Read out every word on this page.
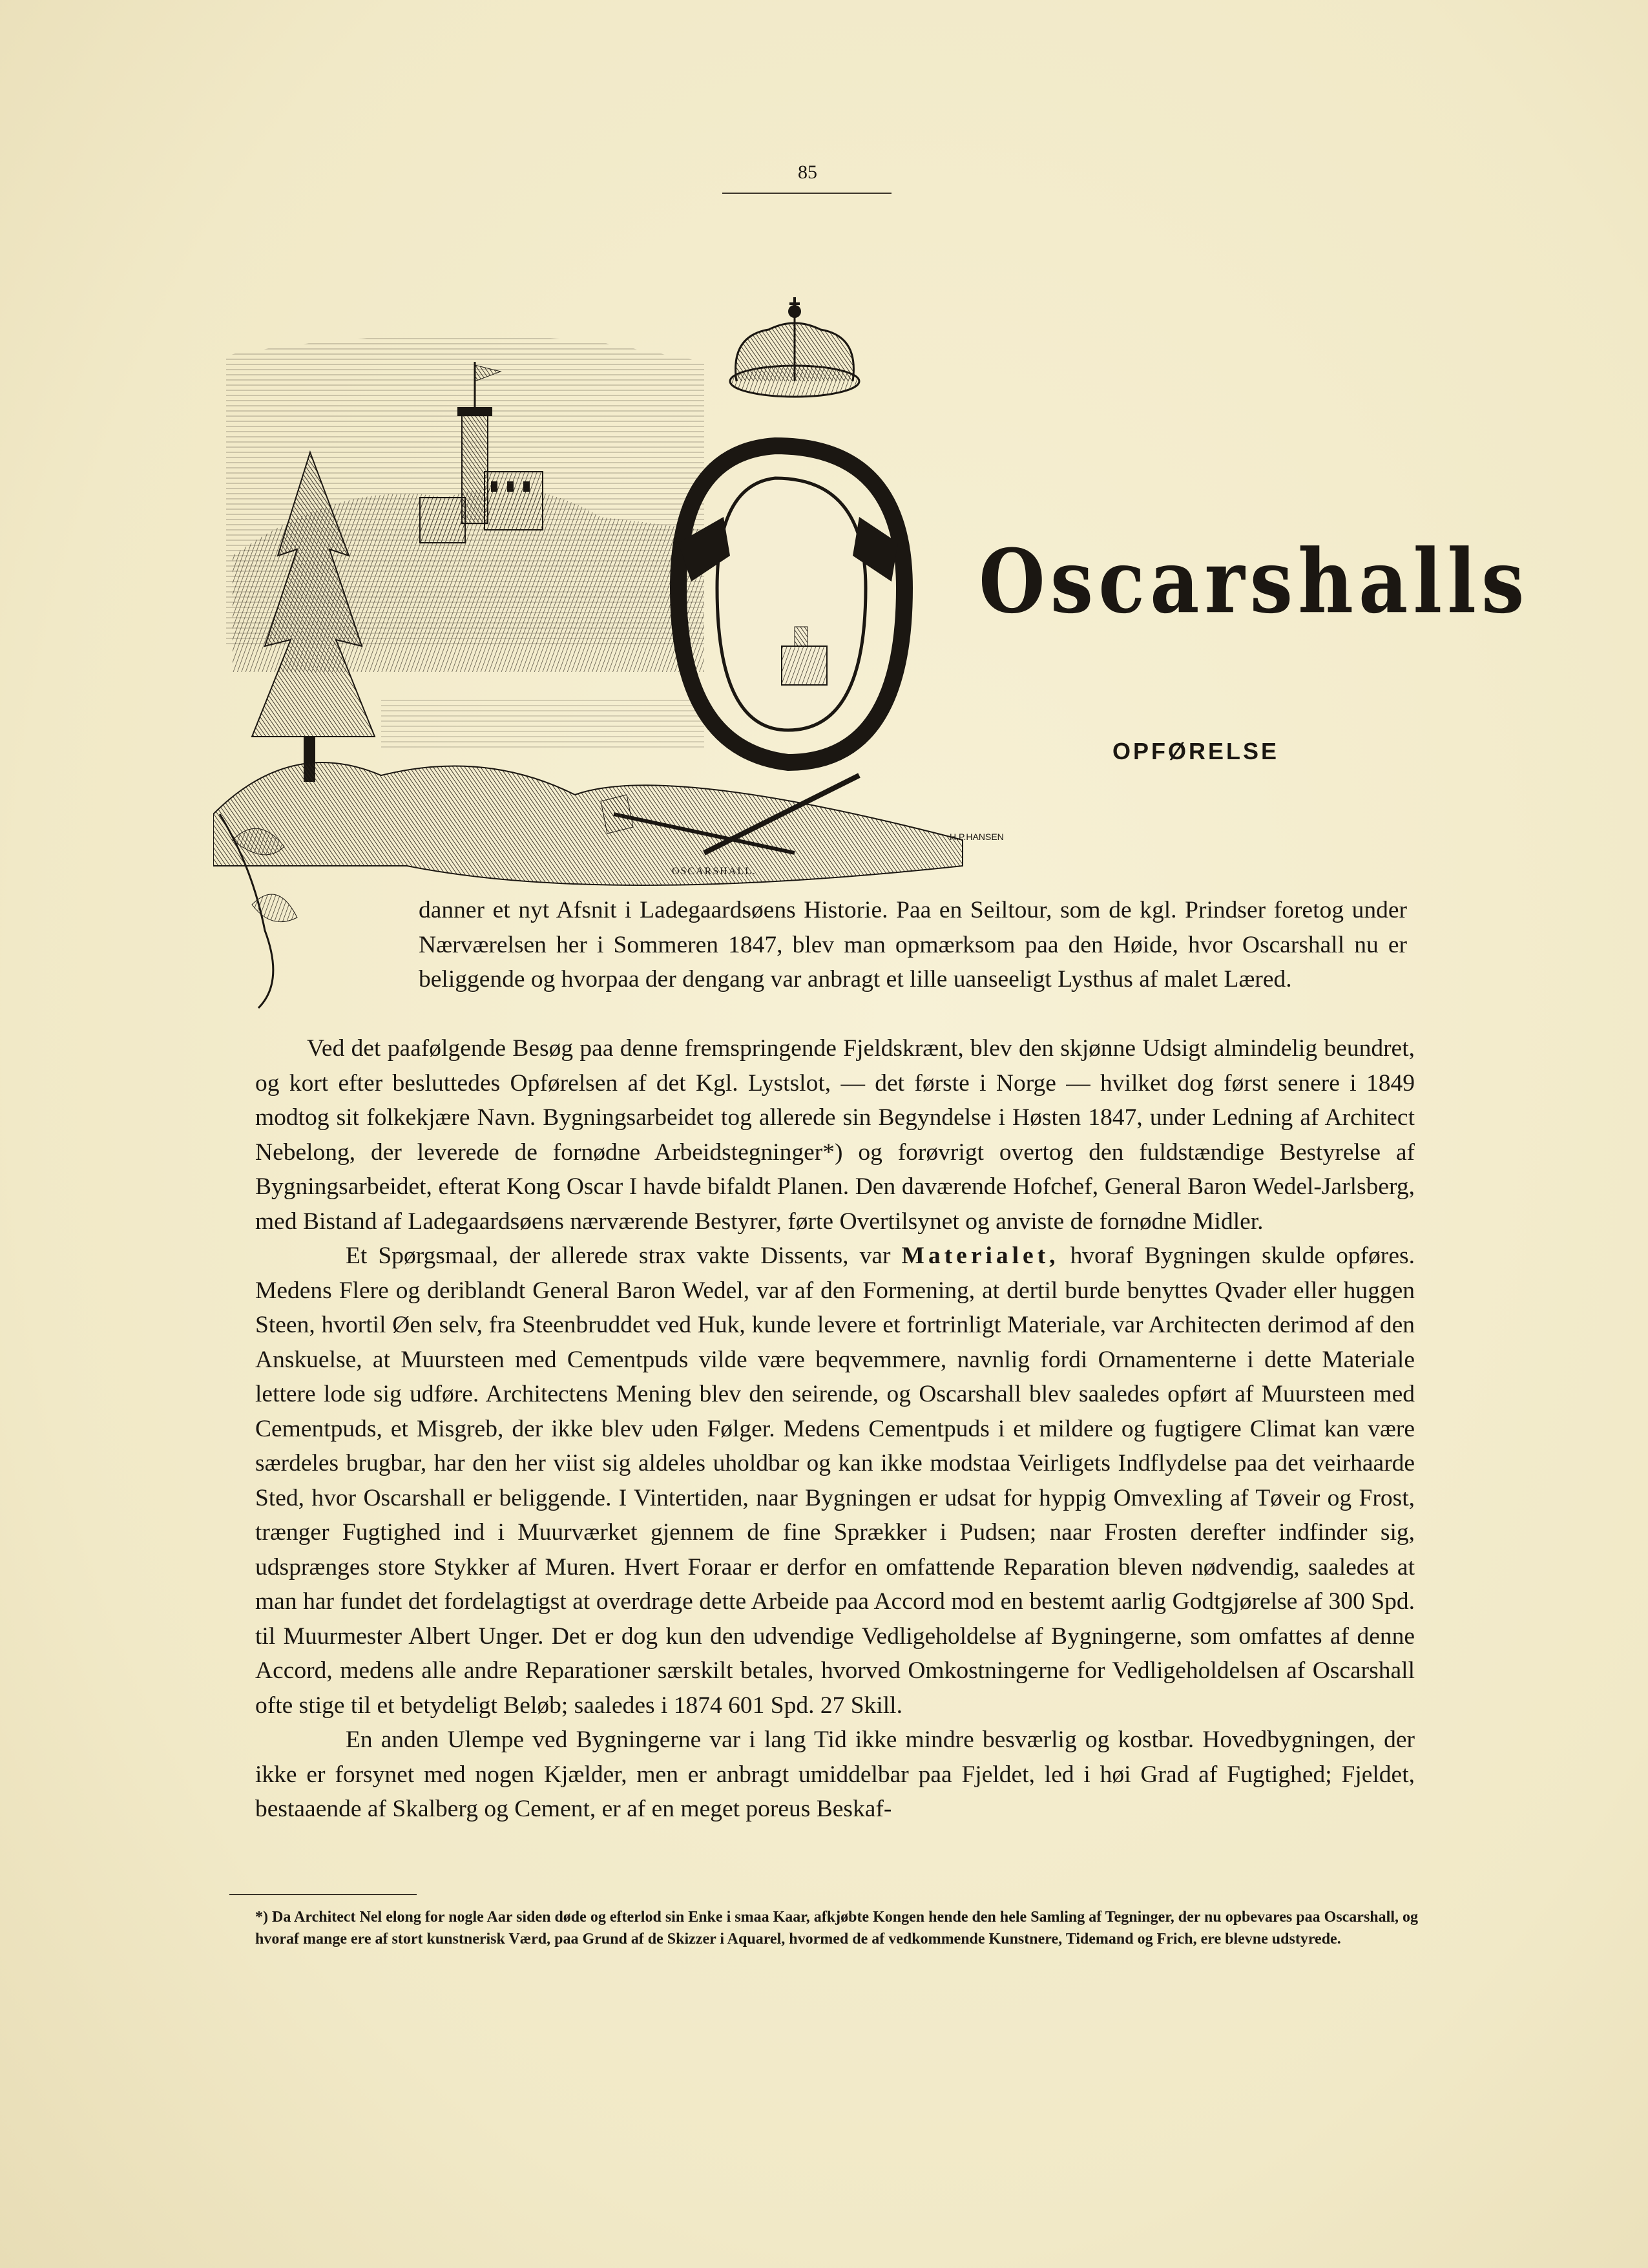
85
H.P.HANSEN
OSCARSHALL.
Oscarshalls
OPFØRELSE
danner et nyt Afsnit i Ladegaardsøens Historie. Paa en Seiltour, som de kgl. Prindser foretog under Nærværelsen her i Sommeren 1847, blev man opmærksom paa den Høide, hvor Oscarshall nu er beliggende og hvorpaa der dengang var anbragt et lille uanseeligt Lysthus af malet Læred.

Ved det paafølgende Besøg paa denne fremspringende Fjeldskrænt, blev den skjønne Udsigt almindelig beundret, og kort efter besluttedes Opførelsen af det Kgl. Lystslot, — det første i Norge — hvilket dog først senere i 1849 modtog sit folkekjære Navn. Bygningsarbeidet tog allerede sin Begyndelse i Høsten 1847, under Ledning af Architect Nebelong, der leverede de fornødne Arbeidstegninger*) og forøvrigt overtog den fuldstændige Bestyrelse af Bygningsarbeidet, efterat Kong Oscar I havde bifaldt Planen. Den daværende Hofchef, General Baron Wedel-Jarlsberg, med Bistand af Ladegaardsøens nærværende Bestyrer, førte Overtilsynet og anviste de fornødne Midler.

Et Spørgsmaal, der allerede strax vakte Dissents, var Materialet, hvoraf Bygningen skulde opføres. Medens Flere og deriblandt General Baron Wedel, var af den Formening, at dertil burde benyttes Qvader eller huggen Steen, hvortil Øen selv, fra Steenbruddet ved Huk, kunde levere et fortrinligt Materiale, var Architecten derimod af den Anskuelse, at Muursteen med Cementpuds vilde være beqvemmere, navnlig fordi Ornamenterne i dette Materiale lettere lode sig udføre. Architectens Mening blev den seirende, og Oscarshall blev saaledes opført af Muursteen med Cementpuds, et Misgreb, der ikke blev uden Følger. Medens Cementpuds i et mildere og fugtigere Climat kan være særdeles brugbar, har den her viist sig aldeles uholdbar og kan ikke modstaa Veirligets Indflydelse paa det veirhaarde Sted, hvor Oscarshall er beliggende. I Vintertiden, naar Bygningen er udsat for hyppig Omvexling af Tøveir og Frost, trænger Fugtighed ind i Muurværket gjennem de fine Sprækker i Pudsen; naar Frosten derefter indfinder sig, udsprænges store Stykker af Muren. Hvert Foraar er derfor en omfattende Reparation bleven nødvendig, saaledes at man har fundet det fordelagtigst at overdrage dette Arbeide paa Accord mod en bestemt aarlig Godtgjørelse af 300 Spd. til Muurmester Albert Unger. Det er dog kun den udvendige Vedligeholdelse af Bygningerne, som omfattes af denne Accord, medens alle andre Reparationer særskilt betales, hvorved Omkostningerne for Vedligeholdelsen af Oscarshall ofte stige til et betydeligt Beløb; saaledes i 1874 601 Spd. 27 Skill.

En anden Ulempe ved Bygningerne var i lang Tid ikke mindre besværlig og kostbar. Hovedbygningen, der ikke er forsynet med nogen Kjælder, men er anbragt umiddelbar paa Fjeldet, led i høi Grad af Fugtighed; Fjeldet, bestaaende af Skalberg og Cement, er af en meget poreus Beskaf-

*) Da Architect Nel elong for nogle Aar siden døde og efterlod sin Enke i smaa Kaar, afkjøbte Kongen hende den hele Samling af Tegninger, der nu opbevares paa Oscarshall, og hvoraf mange ere af stort kunstnerisk Værd, paa Grund af de Skizzer i Aquarel, hvormed de af vedkommende Kunstnere, Tidemand og Frich, ere blevne udstyrede.
